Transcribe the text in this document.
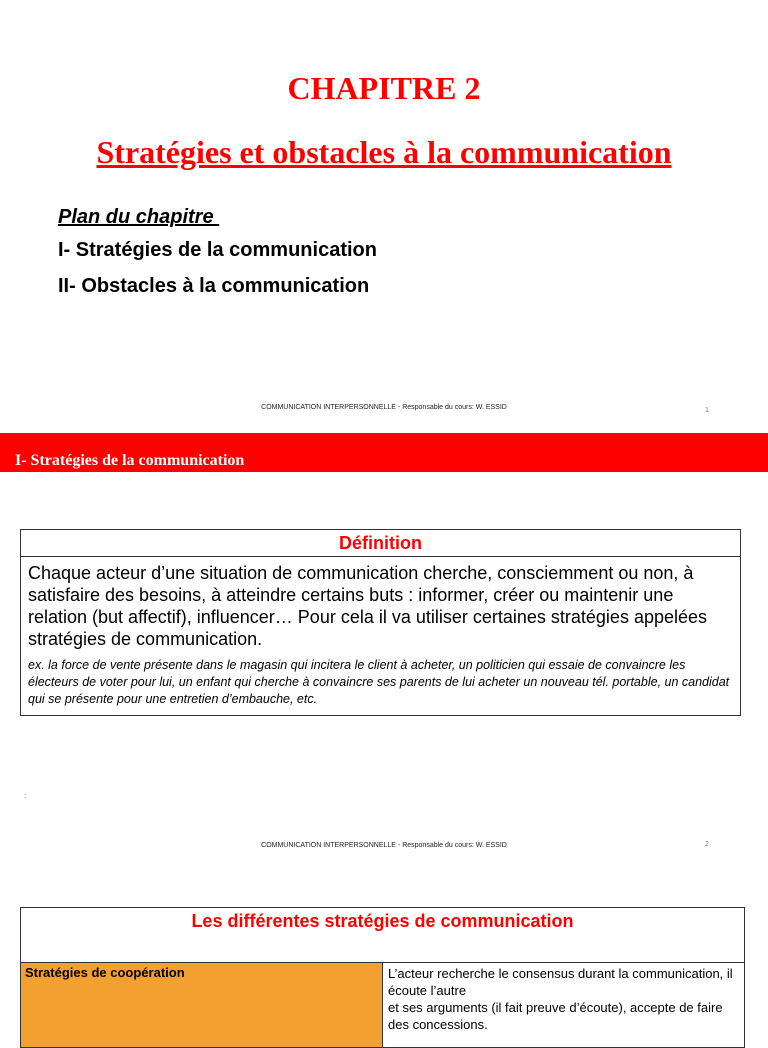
CHAPITRE 2
Stratégies et obstacles à la communication
Plan du chapitre
I- Stratégies de la communication
II- Obstacles à la communication
COMMUNICATION INTERPERSONNELLE - Responsable du cours: W. ESSID	1
I- Stratégies de la communication
Définition
Chaque acteur d’une situation de communication cherche, consciemment ou non, à satisfaire des besoins, à atteindre certains buts : informer, créer ou maintenir une relation (but affectif), influencer… Pour cela il va utiliser certaines stratégies appelées stratégies de communication.
ex. la force de vente présente dans le magasin qui incitera le client à acheter, un politicien qui essaie de convaincre les électeurs de voter pour lui, un enfant qui cherche à convaincre ses parents de lui acheter un nouveau tél. portable, un candidat qui se présente pour une entretien d’embauche, etc.
:
COMMUNICATION INTERPERSONNELLE - Responsable du cours: W. ESSID	2
Les différentes stratégies de communication
Stratégies de coopération	L’acteur recherche le consensus durant la communication, il écoute l’autre
et ses arguments (il fait preuve d’écoute), accepte de faire des concessions.
